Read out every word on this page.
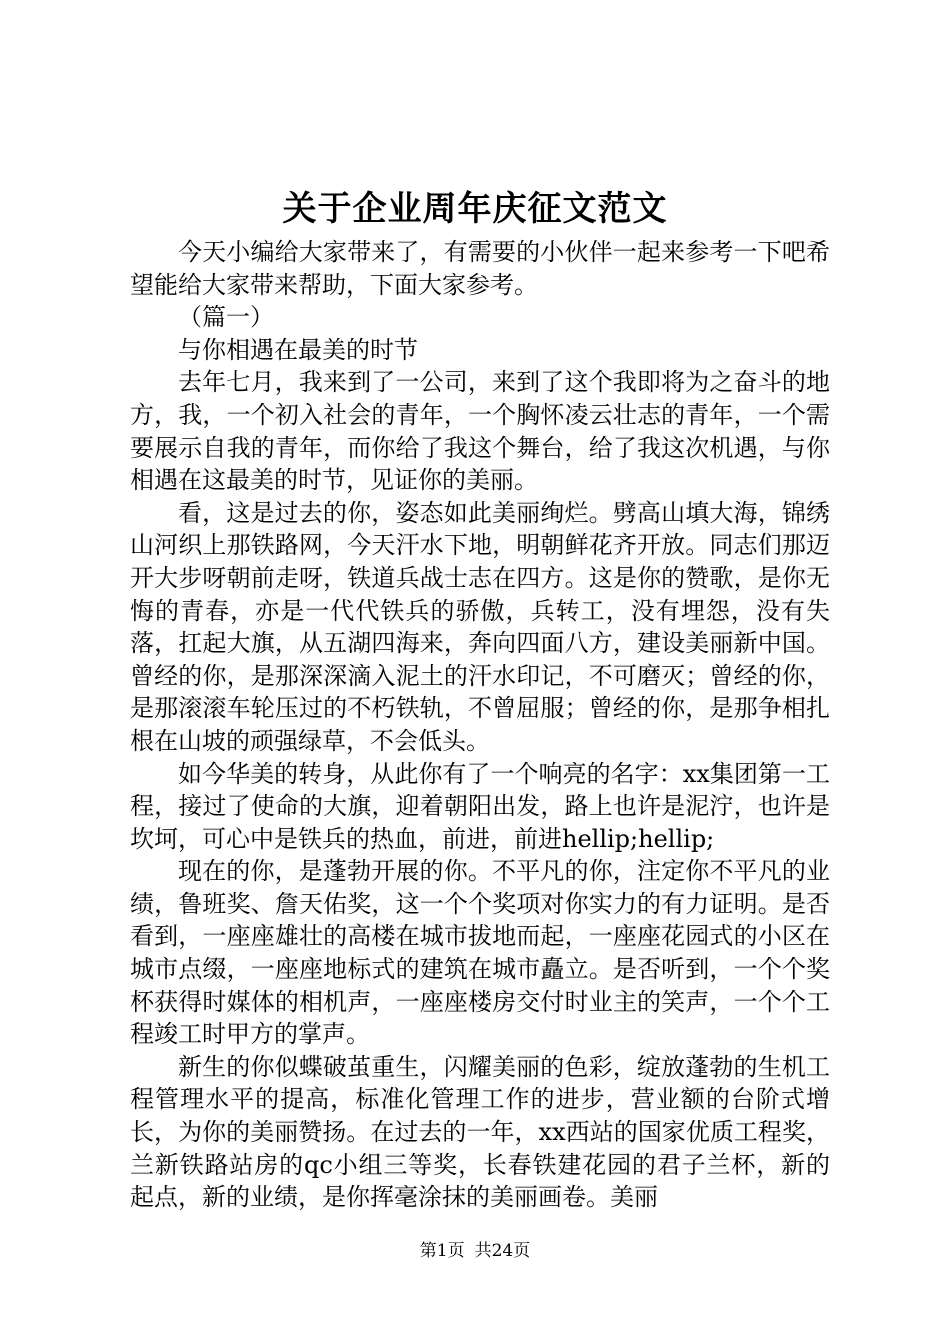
关于企业周年庆征文范文

今天小编给大家带来了，有需要的小伙伴一起来参考一下吧希望能给大家带来帮助，下面大家参考。

（篇一）

与你相遇在最美的时节

去年七月，我来到了一公司，来到了这个我即将为之奋斗的地方，我，一个初入社会的青年，一个胸怀凌云壮志的青年，一个需要展示自我的青年，而你给了我这个舞台，给了我这次机遇，与你相遇在这最美的时节，见证你的美丽。

看，这是过去的你，姿态如此美丽绚烂。劈高山填大海，锦绣山河织上那铁路网，今天汗水下地，明朝鲜花齐开放。同志们那迈开大步呀朝前走呀，铁道兵战士志在四方。这是你的赞歌，是你无悔的青春，亦是一代代铁兵的骄傲，兵转工，没有埋怨，没有失落，扛起大旗，从五湖四海来，奔向四面八方，建设美丽新中国。曾经的你，是那深深滴入泥土的汗水印记，不可磨灭；曾经的你，是那滚滚车轮压过的不朽铁轨，不曾屈服；曾经的你，是那争相扎根在山坡的顽强绿草，不会低头。

如今华美的转身，从此你有了一个响亮的名字：xx集团第一工程，接过了使命的大旗，迎着朝阳出发，路上也许是泥泞，也许是坎坷，可心中是铁兵的热血，前进，前进hellip;hellip;

现在的你，是蓬勃开展的你。不平凡的你，注定你不平凡的业绩，鲁班奖、詹天佑奖，这一个个奖项对你实力的有力证明。是否看到，一座座雄壮的高楼在城市拔地而起，一座座花园式的小区在城市点缀，一座座地标式的建筑在城市矗立。是否听到，一个个奖杯获得时媒体的相机声，一座座楼房交付时业主的笑声，一个个工程竣工时甲方的掌声。

新生的你似蝶破茧重生，闪耀美丽的色彩，绽放蓬勃的生机工程管理水平的提高，标准化管理工作的进步，营业额的台阶式增长，为你的美丽赞扬。在过去的一年，xx西站的国家优质工程奖，兰新铁路站房的qc小组三等奖，长春铁建花园的君子兰杯，新的起点，新的业绩，是你挥毫涂抹的美丽画卷。美丽

第1页 共24页
